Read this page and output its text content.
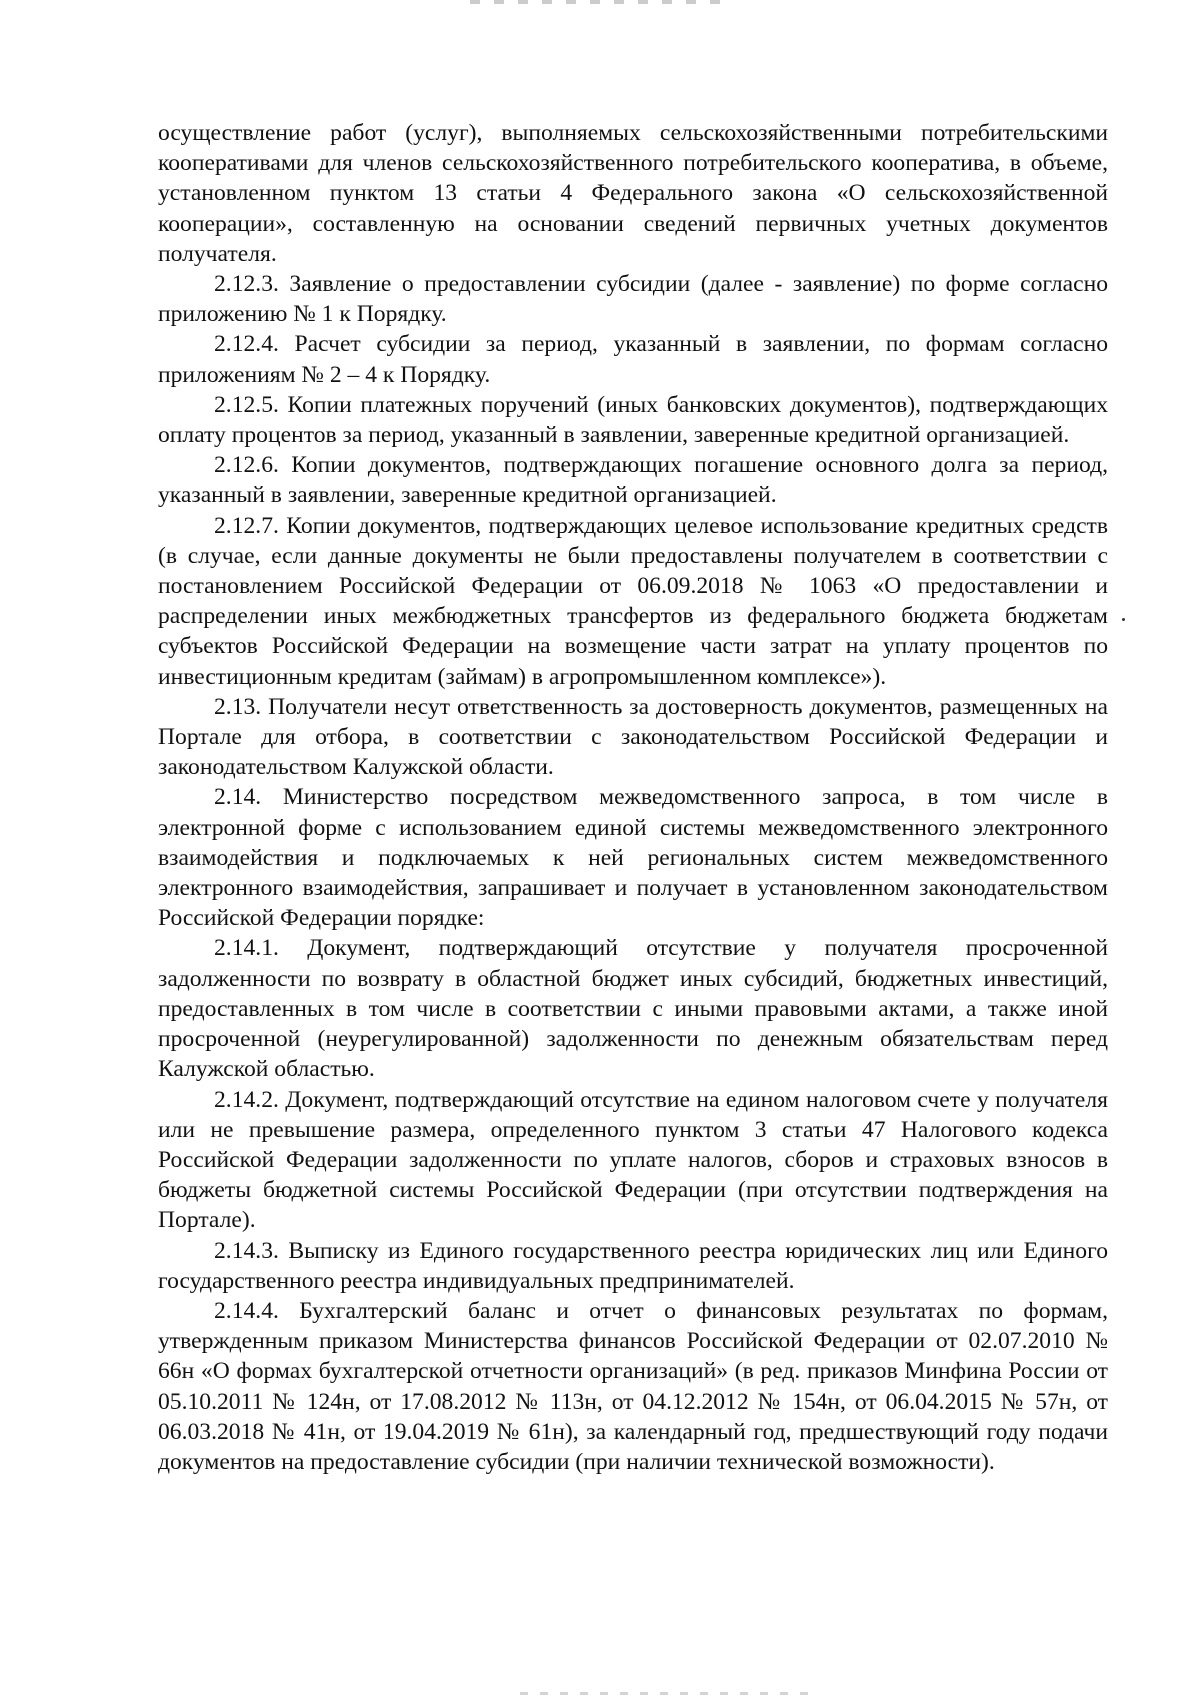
осуществление работ (услуг), выполняемых сельскохозяйственными потребительскими кооперативами для членов сельскохозяйственного потребительского кооператива, в объеме, установленном пунктом 13 статьи 4 Федерального закона «О сельскохозяйственной кооперации», составленную на основании сведений первичных учетных документов получателя.

2.12.3. Заявление о предоставлении субсидии (далее - заявление) по форме согласно приложению № 1 к Порядку.

2.12.4. Расчет субсидии за период, указанный в заявлении, по формам согласно приложениям № 2 – 4 к Порядку.

2.12.5. Копии платежных поручений (иных банковских документов), подтверждающих оплату процентов за период, указанный в заявлении, заверенные кредитной организацией.

2.12.6. Копии документов, подтверждающих погашение основного долга за период, указанный в заявлении, заверенные кредитной организацией.

2.12.7. Копии документов, подтверждающих целевое использование кредитных средств (в случае, если данные документы не были предоставлены получателем в соответствии с постановлением Российской Федерации от 06.09.2018 № 1063 «О предоставлении и распределении иных межбюджетных трансфертов из федерального бюджета бюджетам субъектов Российской Федерации на возмещение части затрат на уплату процентов по инвестиционным кредитам (займам) в агропромышленном комплексе»).

2.13. Получатели несут ответственность за достоверность документов, размещенных на Портале для отбора, в соответствии с законодательством Российской Федерации и законодательством Калужской области.

2.14. Министерство посредством межведомственного запроса, в том числе в электронной форме с использованием единой системы межведомственного электронного взаимодействия и подключаемых к ней региональных систем межведомственного электронного взаимодействия, запрашивает и получает в установленном законодательством Российской Федерации порядке:

2.14.1. Документ, подтверждающий отсутствие у получателя просроченной задолженности по возврату в областной бюджет иных субсидий, бюджетных инвестиций, предоставленных в том числе в соответствии с иными правовыми актами, а также иной просроченной (неурегулированной) задолженности по денежным обязательствам перед Калужской областью.

2.14.2. Документ, подтверждающий отсутствие на едином налоговом счете у получателя или не превышение размера, определенного пунктом 3 статьи 47 Налогового кодекса Российской Федерации задолженности по уплате налогов, сборов и страховых взносов в бюджеты бюджетной системы Российской Федерации (при отсутствии подтверждения на Портале).

2.14.3. Выписку из Единого государственного реестра юридических лиц или Единого государственного реестра индивидуальных предпринимателей.

2.14.4. Бухгалтерский баланс и отчет о финансовых результатах по формам, утвержденным приказом Министерства финансов Российской Федерации от 02.07.2010 № 66н «О формах бухгалтерской отчетности организаций» (в ред. приказов Минфина России от 05.10.2011 № 124н, от 17.08.2012 № 113н, от 04.12.2012 № 154н, от 06.04.2015 № 57н, от 06.03.2018 № 41н, от 19.04.2019 № 61н), за календарный год, предшествующий году подачи документов на предоставление субсидии (при наличии технической возможности).
